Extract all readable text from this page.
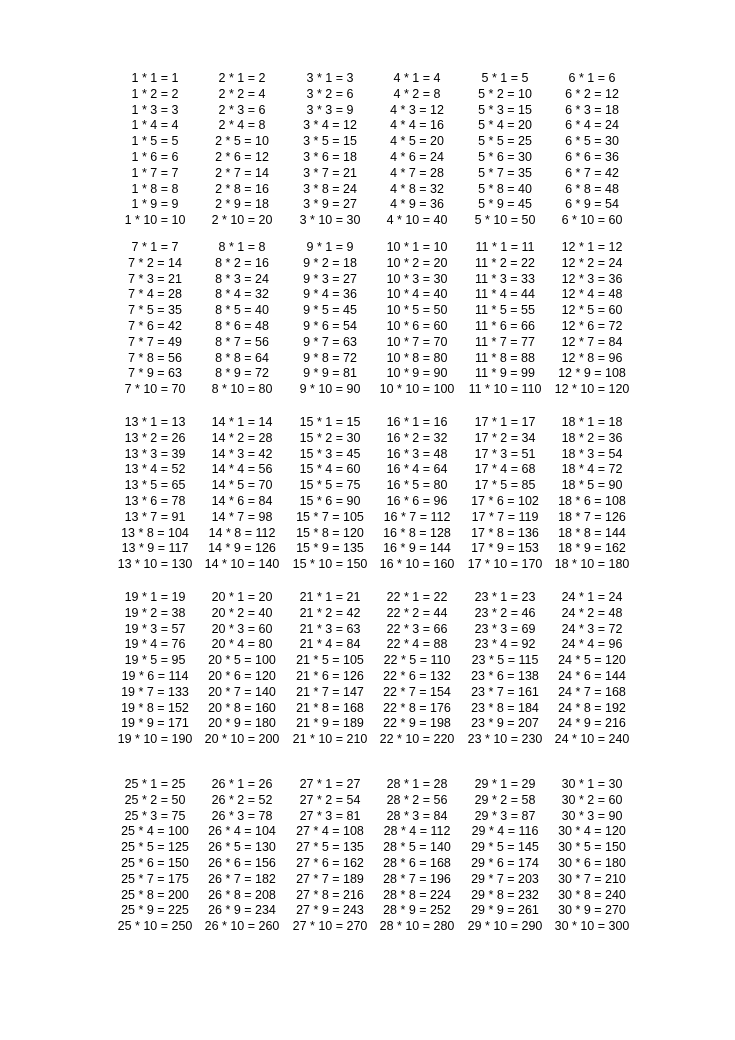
1 * 1 = 1
1 * 2 = 2
1 * 3 = 3
1 * 4 = 4
1 * 5 = 5
1 * 6 = 6
1 * 7 = 7
1 * 8 = 8
1 * 9 = 9
1 * 10 = 10
2 * 1 = 2
2 * 2 = 4
2 * 3 = 6
2 * 4 = 8
2 * 5 = 10
2 * 6 = 12
2 * 7 = 14
2 * 8 = 16
2 * 9 = 18
2 * 10 = 20
3 * 1 = 3
3 * 2 = 6
3 * 3 = 9
3 * 4 = 12
3 * 5 = 15
3 * 6 = 18
3 * 7 = 21
3 * 8 = 24
3 * 9 = 27
3 * 10 = 30
4 * 1 = 4
4 * 2 = 8
4 * 3 = 12
4 * 4 = 16
4 * 5 = 20
4 * 6 = 24
4 * 7 = 28
4 * 8 = 32
4 * 9 = 36
4 * 10 = 40
5 * 1 = 5
5 * 2 = 10
5 * 3 = 15
5 * 4 = 20
5 * 5 = 25
5 * 6 = 30
5 * 7 = 35
5 * 8 = 40
5 * 9 = 45
5 * 10 = 50
6 * 1 = 6
6 * 2 = 12
6 * 3 = 18
6 * 4 = 24
6 * 5 = 30
6 * 6 = 36
6 * 7 = 42
6 * 8 = 48
6 * 9 = 54
6 * 10 = 60
7 * 1 = 7
7 * 2 = 14
7 * 3 = 21
7 * 4 = 28
7 * 5 = 35
7 * 6 = 42
7 * 7 = 49
7 * 8 = 56
7 * 9 = 63
7 * 10 = 70
8 * 1 = 8
8 * 2 = 16
8 * 3 = 24
8 * 4 = 32
8 * 5 = 40
8 * 6 = 48
8 * 7 = 56
8 * 8 = 64
8 * 9 = 72
8 * 10 = 80
9 * 1 = 9
9 * 2 = 18
9 * 3 = 27
9 * 4 = 36
9 * 5 = 45
9 * 6 = 54
9 * 7 = 63
9 * 8 = 72
9 * 9 = 81
9 * 10 = 90
10 * 1 = 10
10 * 2 = 20
10 * 3 = 30
10 * 4 = 40
10 * 5 = 50
10 * 6 = 60
10 * 7 = 70
10 * 8 = 80
10 * 9 = 90
10 * 10 = 100
11 * 1 = 11
11 * 2 = 22
11 * 3 = 33
11 * 4 = 44
11 * 5 = 55
11 * 6 = 66
11 * 7 = 77
11 * 8 = 88
11 * 9 = 99
11 * 10 = 110
12 * 1 = 12
12 * 2 = 24
12 * 3 = 36
12 * 4 = 48
12 * 5 = 60
12 * 6 = 72
12 * 7 = 84
12 * 8 = 96
12 * 9 = 108
12 * 10 = 120
13 * 1 = 13
13 * 2 = 26
13 * 3 = 39
13 * 4 = 52
13 * 5 = 65
13 * 6 = 78
13 * 7 = 91
13 * 8 = 104
13 * 9 = 117
13 * 10 = 130
14 * 1 = 14
14 * 2 = 28
14 * 3 = 42
14 * 4 = 56
14 * 5 = 70
14 * 6 = 84
14 * 7 = 98
14 * 8 = 112
14 * 9 = 126
14 * 10 = 140
15 * 1 = 15
15 * 2 = 30
15 * 3 = 45
15 * 4 = 60
15 * 5 = 75
15 * 6 = 90
15 * 7 = 105
15 * 8 = 120
15 * 9 = 135
15 * 10 = 150
16 * 1 = 16
16 * 2 = 32
16 * 3 = 48
16 * 4 = 64
16 * 5 = 80
16 * 6 = 96
16 * 7 = 112
16 * 8 = 128
16 * 9 = 144
16 * 10 = 160
17 * 1 = 17
17 * 2 = 34
17 * 3 = 51
17 * 4 = 68
17 * 5 = 85
17 * 6 = 102
17 * 7 = 119
17 * 8 = 136
17 * 9 = 153
17 * 10 = 170
18 * 1 = 18
18 * 2 = 36
18 * 3 = 54
18 * 4 = 72
18 * 5 = 90
18 * 6 = 108
18 * 7 = 126
18 * 8 = 144
18 * 9 = 162
18 * 10 = 180
19 * 1 = 19
19 * 2 = 38
19 * 3 = 57
19 * 4 = 76
19 * 5 = 95
19 * 6 = 114
19 * 7 = 133
19 * 8 = 152
19 * 9 = 171
19 * 10 = 190
20 * 1 = 20
20 * 2 = 40
20 * 3 = 60
20 * 4 = 80
20 * 5 = 100
20 * 6 = 120
20 * 7 = 140
20 * 8 = 160
20 * 9 = 180
20 * 10 = 200
21 * 1 = 21
21 * 2 = 42
21 * 3 = 63
21 * 4 = 84
21 * 5 = 105
21 * 6 = 126
21 * 7 = 147
21 * 8 = 168
21 * 9 = 189
21 * 10 = 210
22 * 1 = 22
22 * 2 = 44
22 * 3 = 66
22 * 4 = 88
22 * 5 = 110
22 * 6 = 132
22 * 7 = 154
22 * 8 = 176
22 * 9 = 198
22 * 10 = 220
23 * 1 = 23
23 * 2 = 46
23 * 3 = 69
23 * 4 = 92
23 * 5 = 115
23 * 6 = 138
23 * 7 = 161
23 * 8 = 184
23 * 9 = 207
23 * 10 = 230
24 * 1 = 24
24 * 2 = 48
24 * 3 = 72
24 * 4 = 96
24 * 5 = 120
24 * 6 = 144
24 * 7 = 168
24 * 8 = 192
24 * 9 = 216
24 * 10 = 240
25 * 1 = 25
25 * 2 = 50
25 * 3 = 75
25 * 4 = 100
25 * 5 = 125
25 * 6 = 150
25 * 7 = 175
25 * 8 = 200
25 * 9 = 225
25 * 10 = 250
26 * 1 = 26
26 * 2 = 52
26 * 3 = 78
26 * 4 = 104
26 * 5 = 130
26 * 6 = 156
26 * 7 = 182
26 * 8 = 208
26 * 9 = 234
26 * 10 = 260
27 * 1 = 27
27 * 2 = 54
27 * 3 = 81
27 * 4 = 108
27 * 5 = 135
27 * 6 = 162
27 * 7 = 189
27 * 8 = 216
27 * 9 = 243
27 * 10 = 270
28 * 1 = 28
28 * 2 = 56
28 * 3 = 84
28 * 4 = 112
28 * 5 = 140
28 * 6 = 168
28 * 7 = 196
28 * 8 = 224
28 * 9 = 252
28 * 10 = 280
29 * 1 = 29
29 * 2 = 58
29 * 3 = 87
29 * 4 = 116
29 * 5 = 145
29 * 6 = 174
29 * 7 = 203
29 * 8 = 232
29 * 9 = 261
29 * 10 = 290
30 * 1 = 30
30 * 2 = 60
30 * 3 = 90
30 * 4 = 120
30 * 5 = 150
30 * 6 = 180
30 * 7 = 210
30 * 8 = 240
30 * 9 = 270
30 * 10 = 300
